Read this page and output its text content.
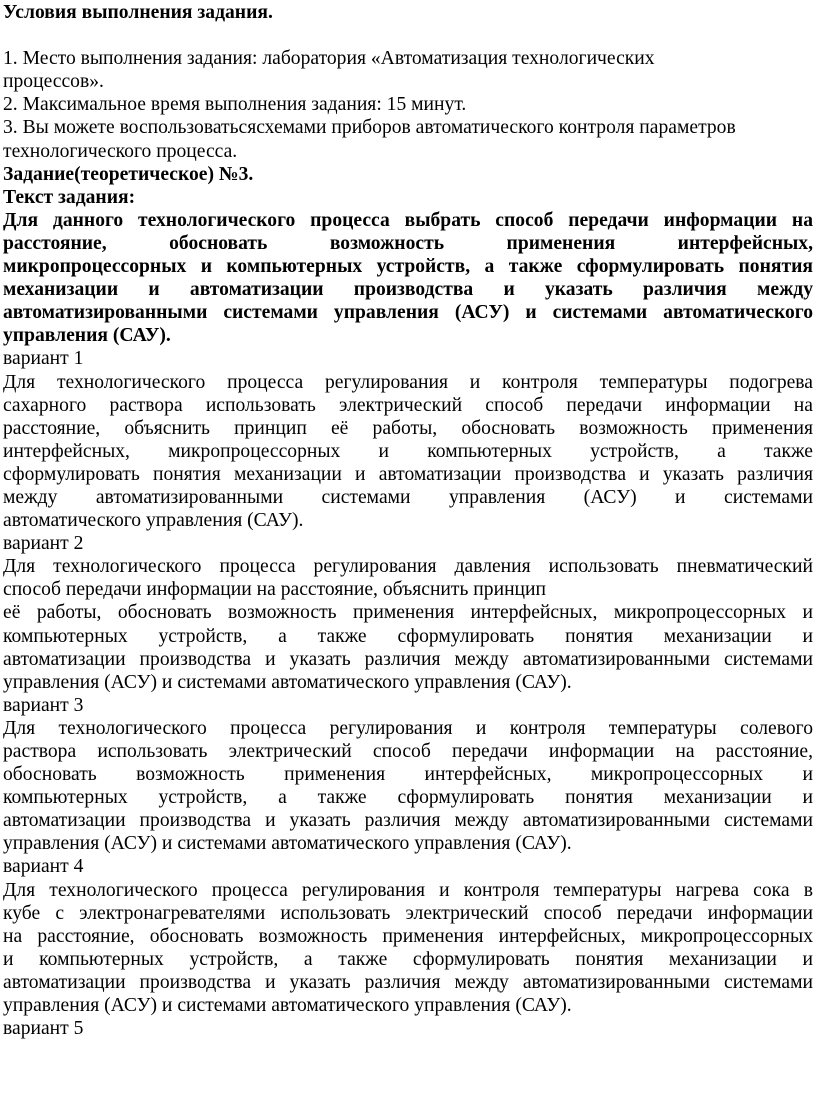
Условия выполнения задания.
1. Место выполнения задания: лаборатория «Автоматизация технологических
процессов».
2. Максимальное время выполнения задания: 15 минут.
3. Вы можете воспользоватьсясхемами приборов автоматического контроля параметров
технологического процесса.
Задание(теоретическое) №3.
Текст задания:
Для данного технологического процесса выбрать способ передачи информации на
расстояние, обосновать возможность применения интерфейсных,
микропроцессорных и компьютерных устройств, а также сформулировать понятия
механизации и автоматизации производства и указать различия между
автоматизированными системами управления (АСУ) и системами автоматического
управления (САУ).
вариант 1
Для технологического процесса регулирования и контроля температуры подогрева
сахарного раствора использовать электрический способ передачи информации на
расстояние, объяснить принцип её работы, обосновать возможность применения
интерфейсных, микропроцессорных и компьютерных устройств, а также
сформулировать понятия механизации и автоматизации производства и указать различия
между автоматизированными системами управления (АСУ) и системами
автоматического управления (САУ).
вариант 2
Для технологического процесса регулирования давления использовать пневматический
способ передачи информации на расстояние, объяснить принцип
её работы, обосновать возможность применения интерфейсных, микропроцессорных и
компьютерных устройств, а также сформулировать понятия механизации и
автоматизации производства и указать различия между автоматизированными системами
управления (АСУ) и системами автоматического управления (САУ).
вариант 3
Для технологического процесса регулирования и контроля температуры солевого
раствора использовать электрический способ передачи информации на расстояние,
обосновать возможность применения интерфейсных, микропроцессорных и
компьютерных устройств, а также сформулировать понятия механизации и
автоматизации производства и указать различия между автоматизированными системами
управления (АСУ) и системами автоматического управления (САУ).
вариант 4
Для технологического процесса регулирования и контроля температуры нагрева сока в
кубе с электронагревателями использовать электрический способ передачи информации
на расстояние, обосновать возможность применения интерфейсных, микропроцессорных
и компьютерных устройств, а также сформулировать понятия механизации и
автоматизации производства и указать различия между автоматизированными системами
управления (АСУ) и системами автоматического управления (САУ).
вариант 5
